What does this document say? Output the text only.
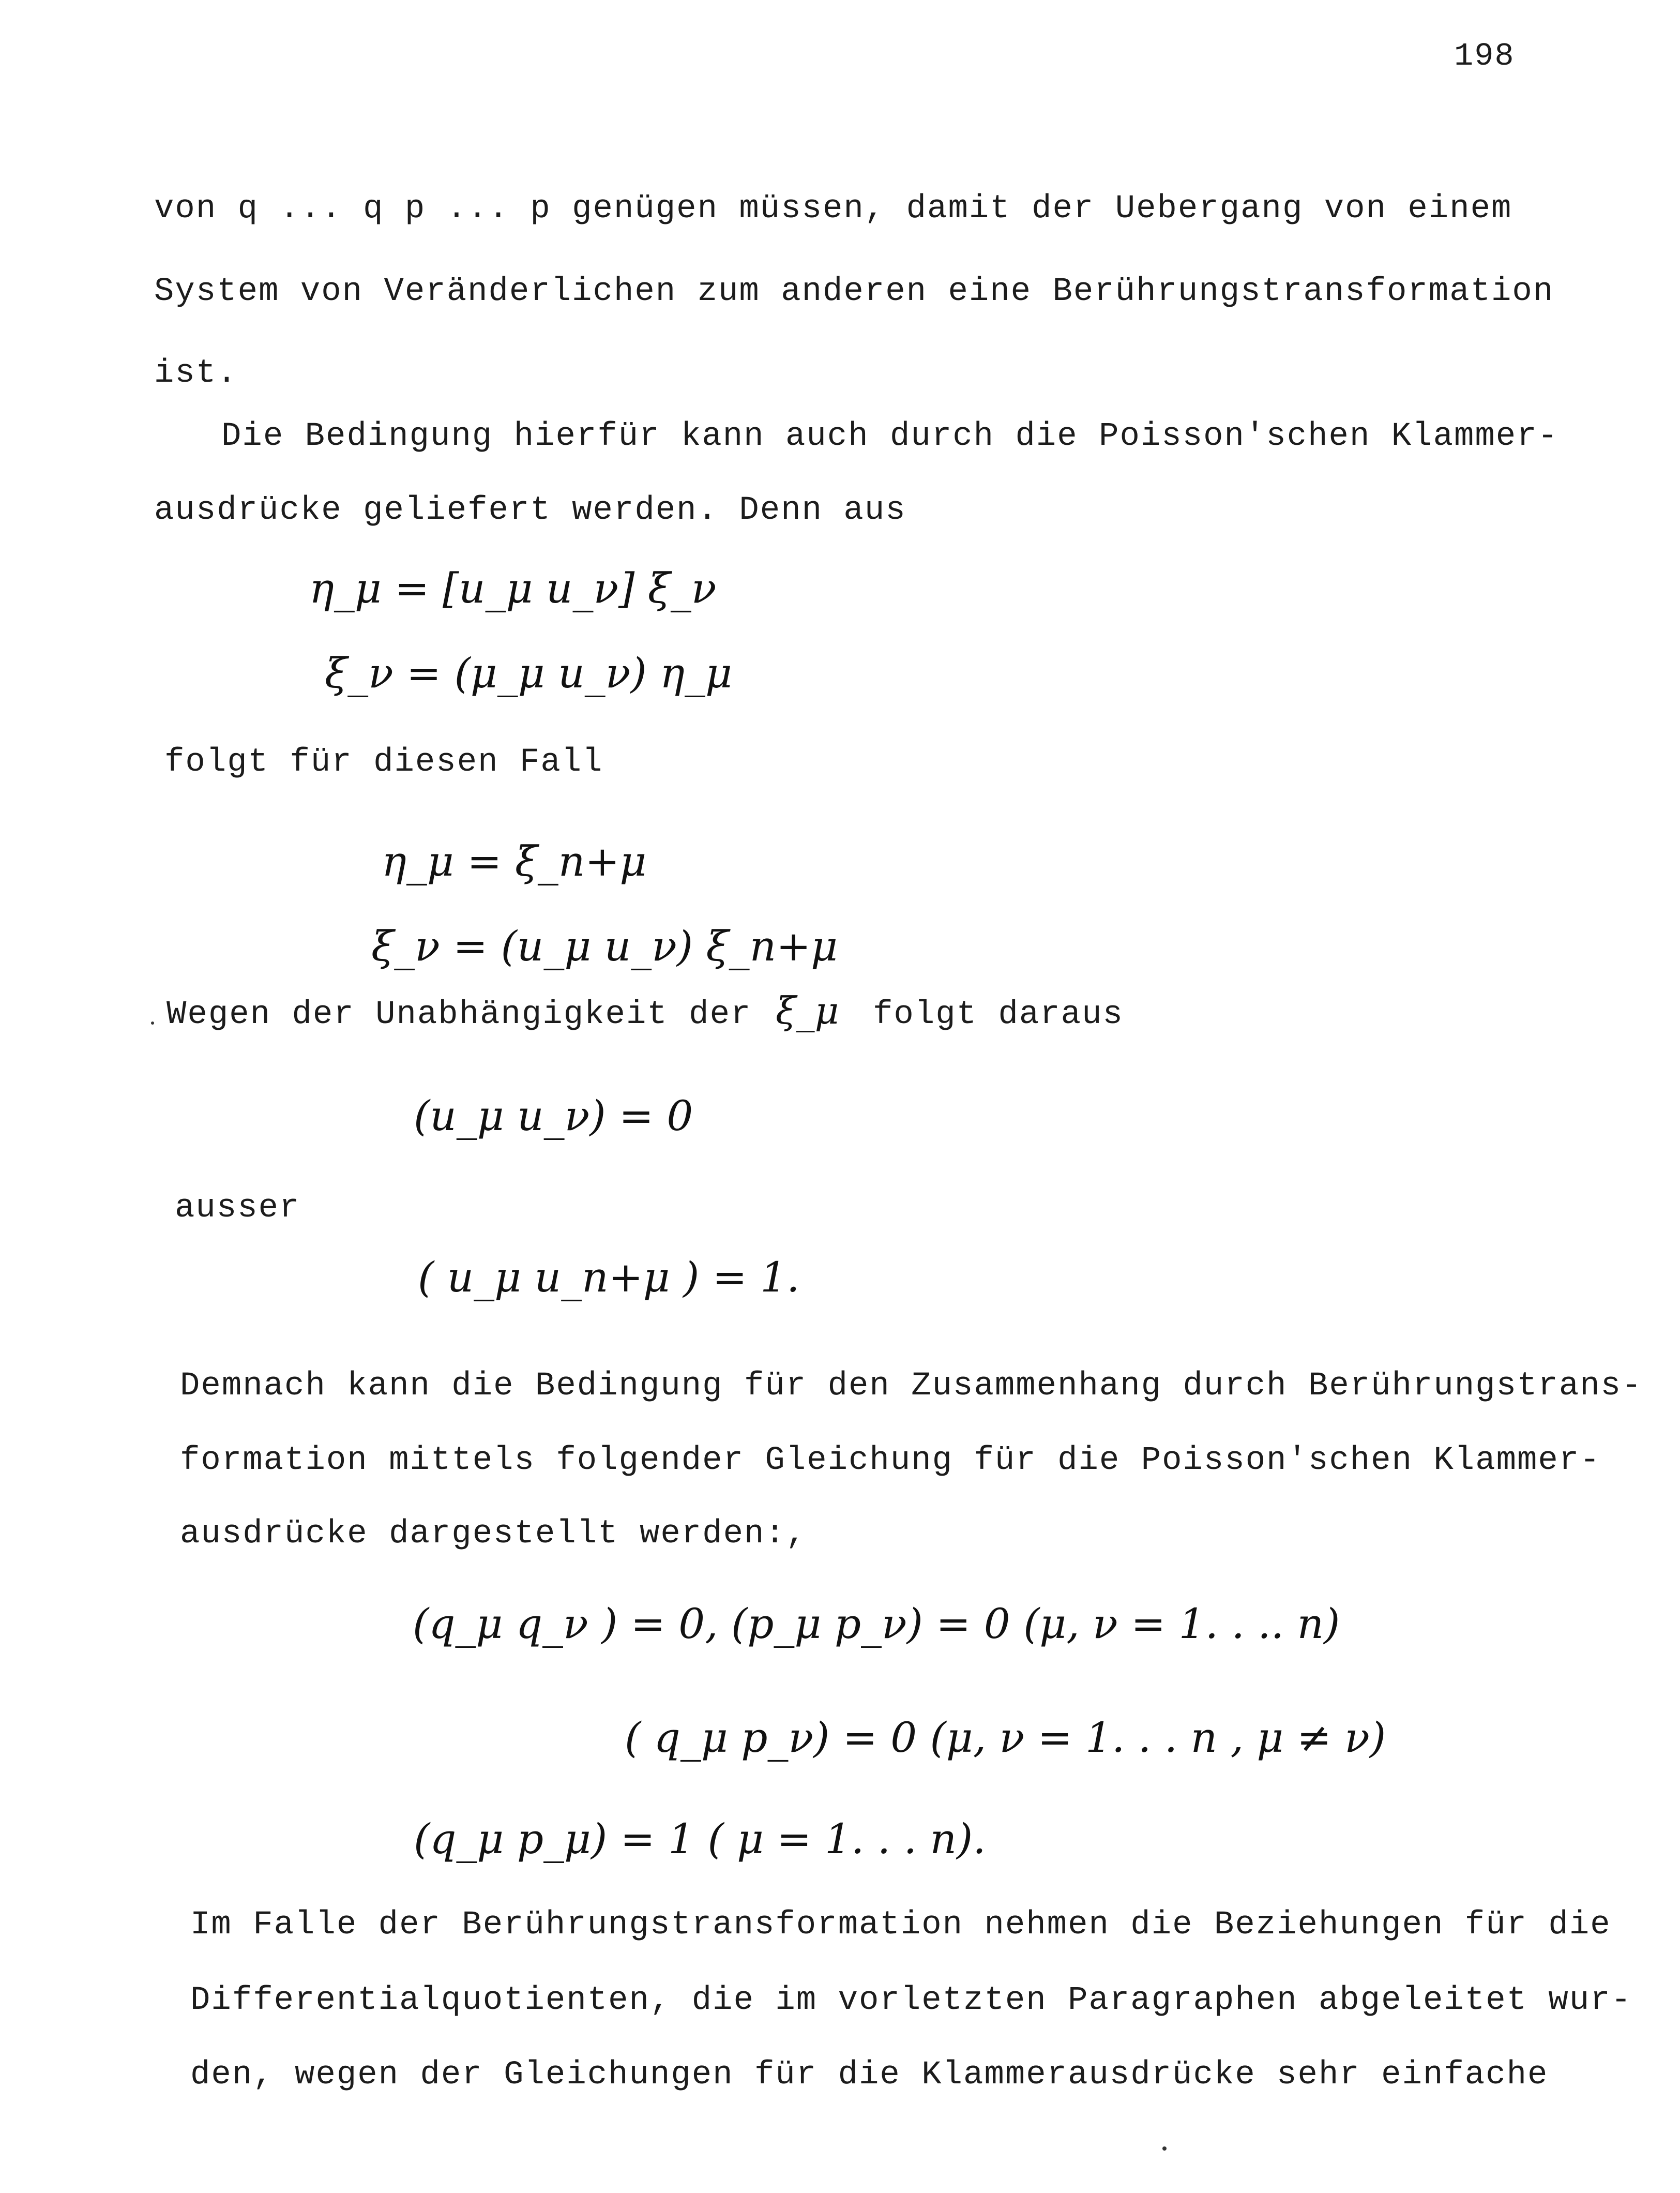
198
von q ... q p ... p genügen müssen, damit der Uebergang von einem
System von Veränderlichen zum anderen eine Berührungstransformation
ist.
Die Bedingung hierfür kann auch durch die Poisson'schen Klammer-
ausdrücke geliefert werden. Denn aus
η_μ = [u_μ u_ν] ξ_ν
ξ_ν = (μ_μ u_ν) η_μ
folgt für diesen Fall
η_μ = ξ_n+μ
ξ_ν = (u_μ u_ν) ξ_n+μ
Wegen der Unabhängigkeit der ξ_μ folgt daraus
(u_μ u_ν) = 0
ausser
( u_μ u_n+μ ) = 1.
Demnach kann die Bedingung für den Zusammenhang durch Berührungstrans-
formation mittels folgender Gleichung für die Poisson'schen Klammer-
ausdrücke dargestellt werden:,
(q_μ q_ν ) = 0, (p_μ p_ν) = 0 (μ, ν = 1. . .. n)
( q_μ p_ν) = 0 (μ, ν = 1. . . n , μ ≠ ν)
(q_μ p_μ) = 1 ( μ = 1. . . n).
Im Falle der Berührungstransformation nehmen die Beziehungen für die
Differentialquotienten, die im vorletzten Paragraphen abgeleitet wur-
den, wegen der Gleichungen für die Klammerausdrücke sehr einfache
